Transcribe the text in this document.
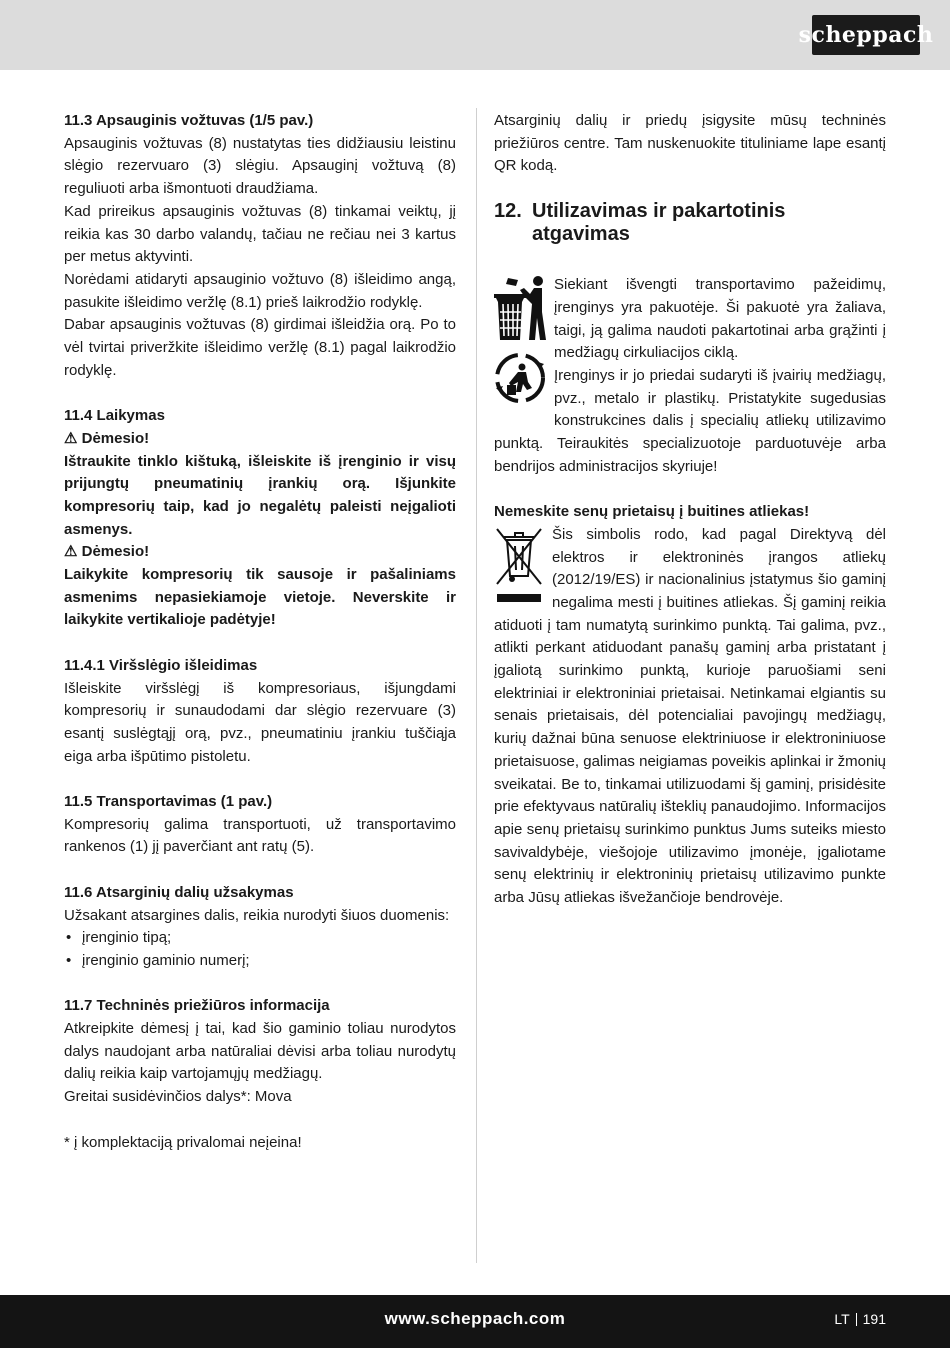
scheppach

11.3 Apsauginis vožtuvas (1/5 pav.)

Apsauginis vožtuvas (8) nustatytas ties didžiausiu leistinu slėgio rezervuaro (3) slėgiu. Apsauginį vožtuvą (8) reguliuoti arba išmontuoti draudžiama.

Kad prireikus apsauginis vožtuvas (8) tinkamai veiktų, jį reikia kas 30 darbo valandų, tačiau ne rečiau nei 3 kartus per metus aktyvinti.

Norėdami atidaryti apsauginio vožtuvo (8) išleidimo angą, pasukite išleidimo veržlę (8.1) prieš laikrodžio rodyklę.

Dabar apsauginis vožtuvas (8) girdimai išleidžia orą. Po to vėl tvirtai priveržkite išleidimo veržlę (8.1) pagal laikrodžio rodyklę.

11.4 Laikymas

⚠ Dėmesio!

Ištraukite tinklo kištuką, išleiskite iš įrenginio ir visų prijungtų pneumatinių įrankių orą. Išjunkite kompresorių taip, kad jo negalėtų paleisti neįgalioti asmenys.

⚠ Dėmesio!

Laikykite kompresorių tik sausoje ir pašaliniams asmenims nepasiekiamoje vietoje. Neverskite ir laikykite vertikalioje padėtyje!

11.4.1 Viršslėgio išleidimas

Išleiskite viršslėgį iš kompresoriaus, išjungdami kompresorių ir sunaudodami dar slėgio rezervuare (3) esantį suslėgtąjį orą, pvz., pneumatiniu įrankiu tuščiąja eiga arba išpūtimo pistoletu.

11.5 Transportavimas (1 pav.)

Kompresorių galima transportuoti, už transportavimo rankenos (1) jį paverčiant ant ratų (5).

11.6 Atsarginių dalių užsakymas

Užsakant atsargines dalis, reikia nurodyti šiuos duomenis:

• įrenginio tipą;
• įrenginio gaminio numerį;

11.7 Techninės priežiūros informacija

Atkreipkite dėmesį į tai, kad šio gaminio toliau nurodytos dalys naudojant arba natūraliai dėvisi arba toliau nurodytų dalių reikia kaip vartojamųjų medžiagų.

Greitai susidėvinčios dalys*: Mova

* į komplektaciją privalomai neįeina!

Atsarginių dalių ir priedų įsigysite mūsų techninės priežiūros centre. Tam nuskenuokite tituliniame lape esantį QR kodą.

12. Utilizavimas ir pakartotinis atgavimas

Siekiant išvengti transportavimo pažeidimų, įrenginys yra pakuotėje. Ši pakuotė yra žaliava, taigi, ją galima naudoti pakartotinai arba grąžinti į medžiagų cirkuliacijos ciklą.

Įrenginys ir jo priedai sudaryti iš įvairių medžiagų, pvz., metalo ir plastikų. Pristatykite sugedusias konstrukcines dalis į specialių atliekų utilizavimo punktą. Teiraukitės specializuotoje parduotuvėje arba bendrijos administracijos skyriuje!

Nemeskite senų prietaisų į buitines atliekas!

Šis simbolis rodo, kad pagal Direktyvą dėl elektros ir elektroninės įrangos atliekų (2012/19/ES) ir nacionalinius įstatymus šio gaminį negalima mesti į buitines atliekas. Šį gaminį reikia atiduoti į tam numatytą surinkimo punktą. Tai galima, pvz., atlikti perkant atiduodant panašų gaminį arba pristatant į įgaliotą surinkimo punktą, kurioje paruošiami seni elektriniai ir elektroniniai prietaisai. Netinkamai elgiantis su senais prietaisais, dėl potencialiai pavojingų medžiagų, kurių dažnai būna senuose elektriniuose ir elektroniniuose prietaisuose, galimas neigiamas poveikis aplinkai ir žmonių sveikatai. Be to, tinkamai utilizuodami šį gaminį, prisidėsite prie efektyvaus natūralių išteklių panaudojimo. Informacijos apie senų prietaisų surinkimo punktus Jums suteiks miesto savivaldybėje, viešojoje utilizavimo įmonėje, įgaliotame senų elektrinių ir elektroninių prietaisų utilizavimo punkte arba Jūsų atliekas išvežančioje bendrovėje.

www.scheppach.com	LT 191
